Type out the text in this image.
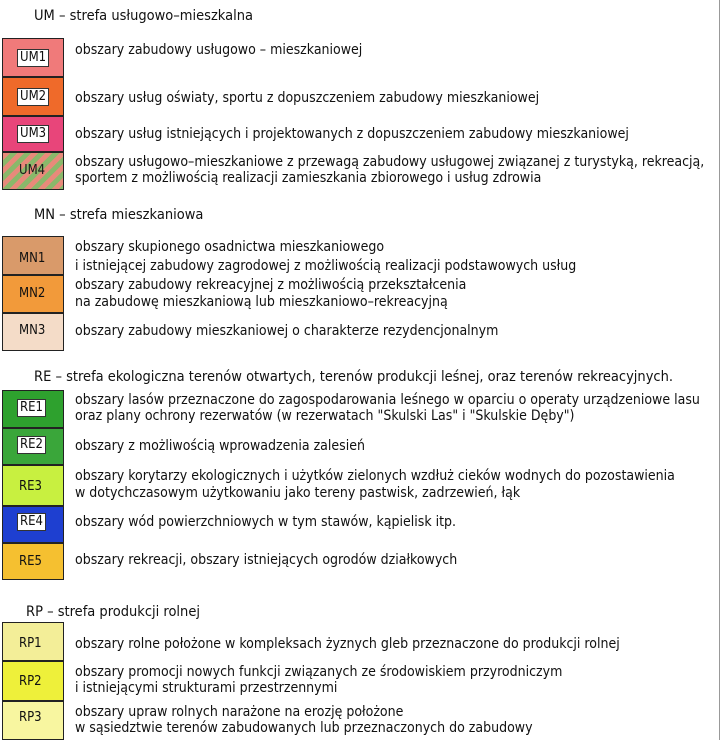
UM – strefa usługowo–mieszkalna
UM1 obszary zabudowy usługowo – mieszkaniowej
UM2 obszary usług oświaty, sportu z dopuszczeniem zabudowy mieszkaniowej
UM3 obszary usług istniejących i projektowanych z dopuszczeniem zabudowy mieszkaniowej
UM4
obszary usługowo–mieszkaniowe z przewagą zabudowy usługowej związanej z turystyką, rekreacją,
sportem z możliwością realizacji zamieszkania zbiorowego i usług zdrowia
MN – strefa mieszkaniowa
MN1
obszary skupionego osadnictwa mieszkaniowego
i istniejącej zabudowy zagrodowej z możliwością realizacji podstawowych usług
MN2
obszary zabudowy rekreacyjnej z możliwością przekształcenia
na zabudowę mieszkaniową lub mieszkaniowo–rekreacyjną
MN3 obszary zabudowy mieszkaniowej o charakterze rezydencjonalnym
RE – strefa ekologiczna terenów otwartych, terenów produkcji leśnej, oraz terenów rekreacyjnych.
RE1 obszary lasów przeznaczone do zagospodarowania leśnego w oparciu o operaty urządzeniowe lasu
oraz plany ochrony rezerwatów (w rezerwatach "Skulski Las" i "Skulskie Dęby")
RE2 obszary z możliwością wprowadzenia zalesień
RE3
obszary korytarzy ekologicznych i użytków zielonych wzdłuż cieków wodnych do pozostawienia
w dotychczasowym użytkowaniu jako tereny pastwisk, zadrzewień, łąk
RE4 obszary wód powierzchniowych w tym stawów, kąpielisk itp.
RE5 obszary rekreacji, obszary istniejących ogrodów działkowych
RP – strefa produkcji rolnej
RP1 obszary rolne położone w kompleksach żyznych gleb przeznaczone do produkcji rolnej
RP2
obszary promocji nowych funkcji związanych ze środowiskiem przyrodniczym
i istniejącymi strukturami przestrzennymi
RP3 obszary upraw rolnych narażone na erozję położone
w sąsiedztwie terenów zabudowanych lub przeznaczonych do zabudowy
